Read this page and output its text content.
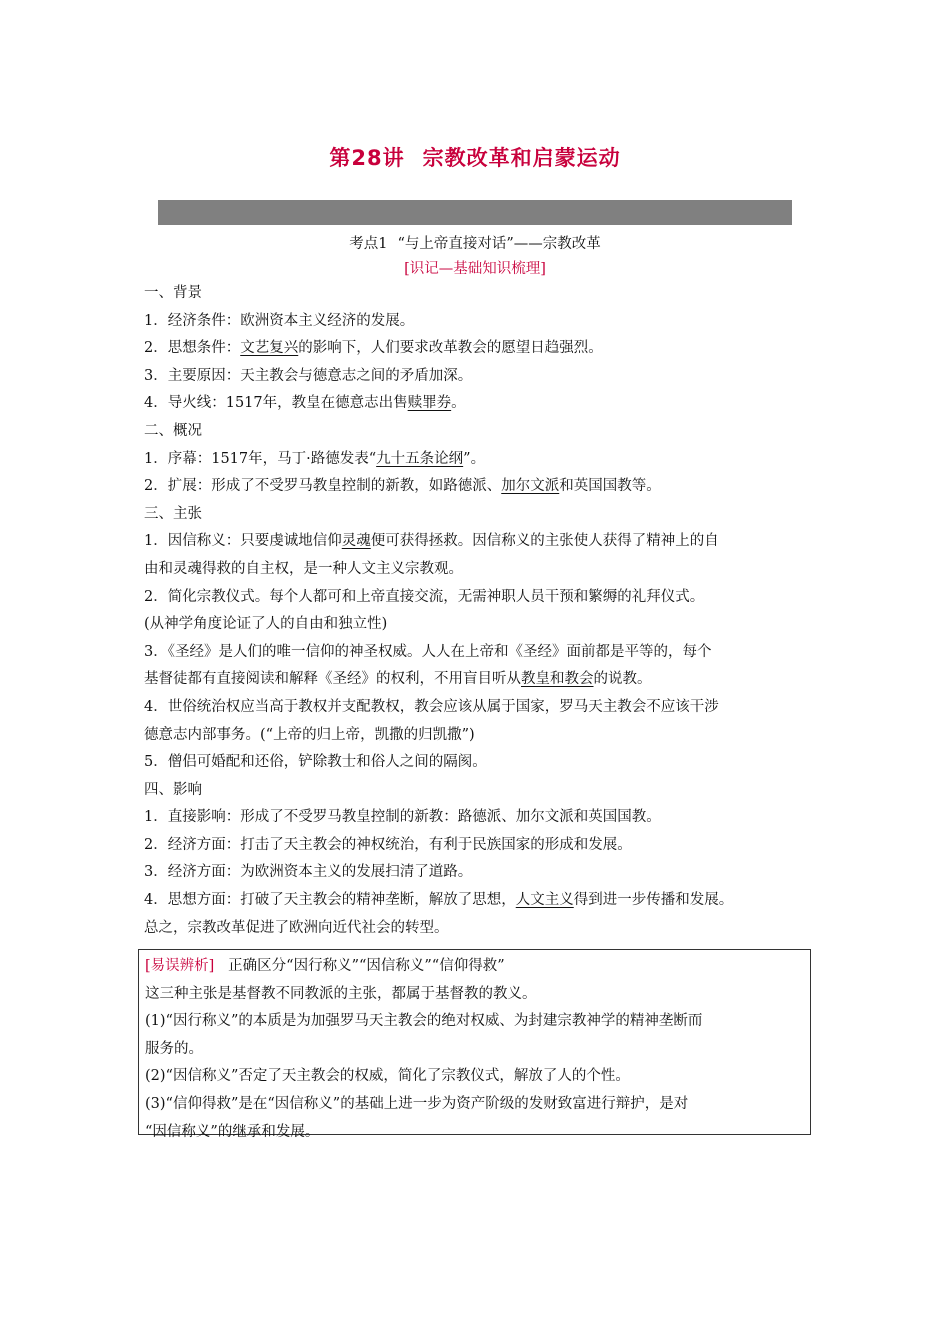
第28讲 宗教改革和启蒙运动
考点1 “与上帝直接对话”——宗教改革
[识记—基础知识梳理]

一、背景

1．经济条件：欧洲资本主义经济的发展。

2．思想条件：文艺复兴的影响下，人们要求改革教会的愿望日趋强烈。

3．主要原因：天主教会与德意志之间的矛盾加深。

4．导火线：1517年，教皇在德意志出售赎罪券。

二、概况

1．序幕：1517年，马丁·路德发表“九十五条论纲”。

2．扩展：形成了不受罗马教皇控制的新教，如路德派、加尔文派和英国国教等。

三、主张

1．因信称义：只要虔诚地信仰灵魂便可获得拯救。因信称义的主张使人获得了精神上的自

由和灵魂得救的自主权，是一种人文主义宗教观。

2．简化宗教仪式。每个人都可和上帝直接交流，无需神职人员干预和繁缛的礼拜仪式。

(从神学角度论证了人的自由和独立性)

3．《圣经》是人们的唯一信仰的神圣权威。人人在上帝和《圣经》面前都是平等的，每个

基督徒都有直接阅读和解释《圣经》的权利，不用盲目听从教皇和教会的说教。

4．世俗统治权应当高于教权并支配教权，教会应该从属于国家，罗马天主教会不应该干涉

德意志内部事务。(“上帝的归上帝，凯撒的归凯撒”)

5．僧侣可婚配和还俗，铲除教士和俗人之间的隔阂。

四、影响

1．直接影响：形成了不受罗马教皇控制的新教：路德派、加尔文派和英国国教。

2．经济方面：打击了天主教会的神权统治，有利于民族国家的形成和发展。

3．经济方面：为欧洲资本主义的发展扫清了道路。

4．思想方面：打破了天主教会的精神垄断，解放了思想，人文主义得到进一步传播和发展。

总之，宗教改革促进了欧洲向近代社会的转型。

[易误辨析] 正确区分“因行称义”“因信称义”“信仰得救”

这三种主张是基督教不同教派的主张，都属于基督教的教义。

(1)“因行称义”的本质是为加强罗马天主教会的绝对权威、为封建宗教神学的精神垄断而

服务的。

(2)“因信称义”否定了天主教会的权威，简化了宗教仪式，解放了人的个性。

(3)“信仰得救”是在“因信称义”的基础上进一步为资产阶级的发财致富进行辩护，是对

“因信称义”的继承和发展。
